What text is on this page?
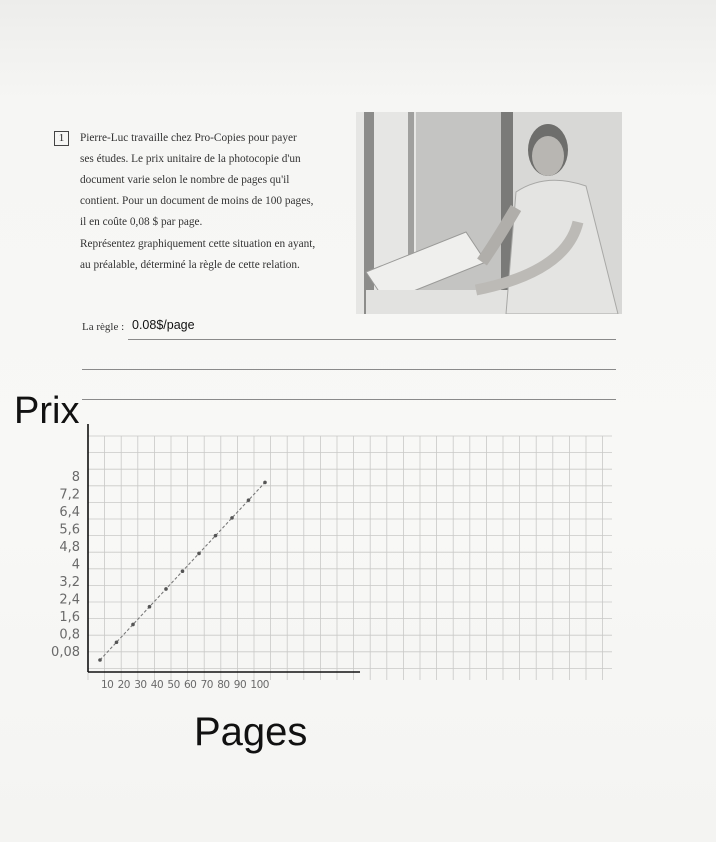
1	Pierre-Luc travaille chez Pro-Copies pour payer
ses études. Le prix unitaire de la photocopie d'un
document varie selon le nombre de pages qu'il
contient. Pour un document de moins de 100 pages,
il en coûte 0,08 $ par page.
Représentez graphiquement cette situation en ayant,
au préalable, déterminé la règle de cette relation.
La règle : 0.08$/page
Prix
Pages
0,08
0,8
1,6
2,4
3,2
4
4,8
5,6
6,4
7,2
8
10 20 30 40 50 60 70 80 90 100
